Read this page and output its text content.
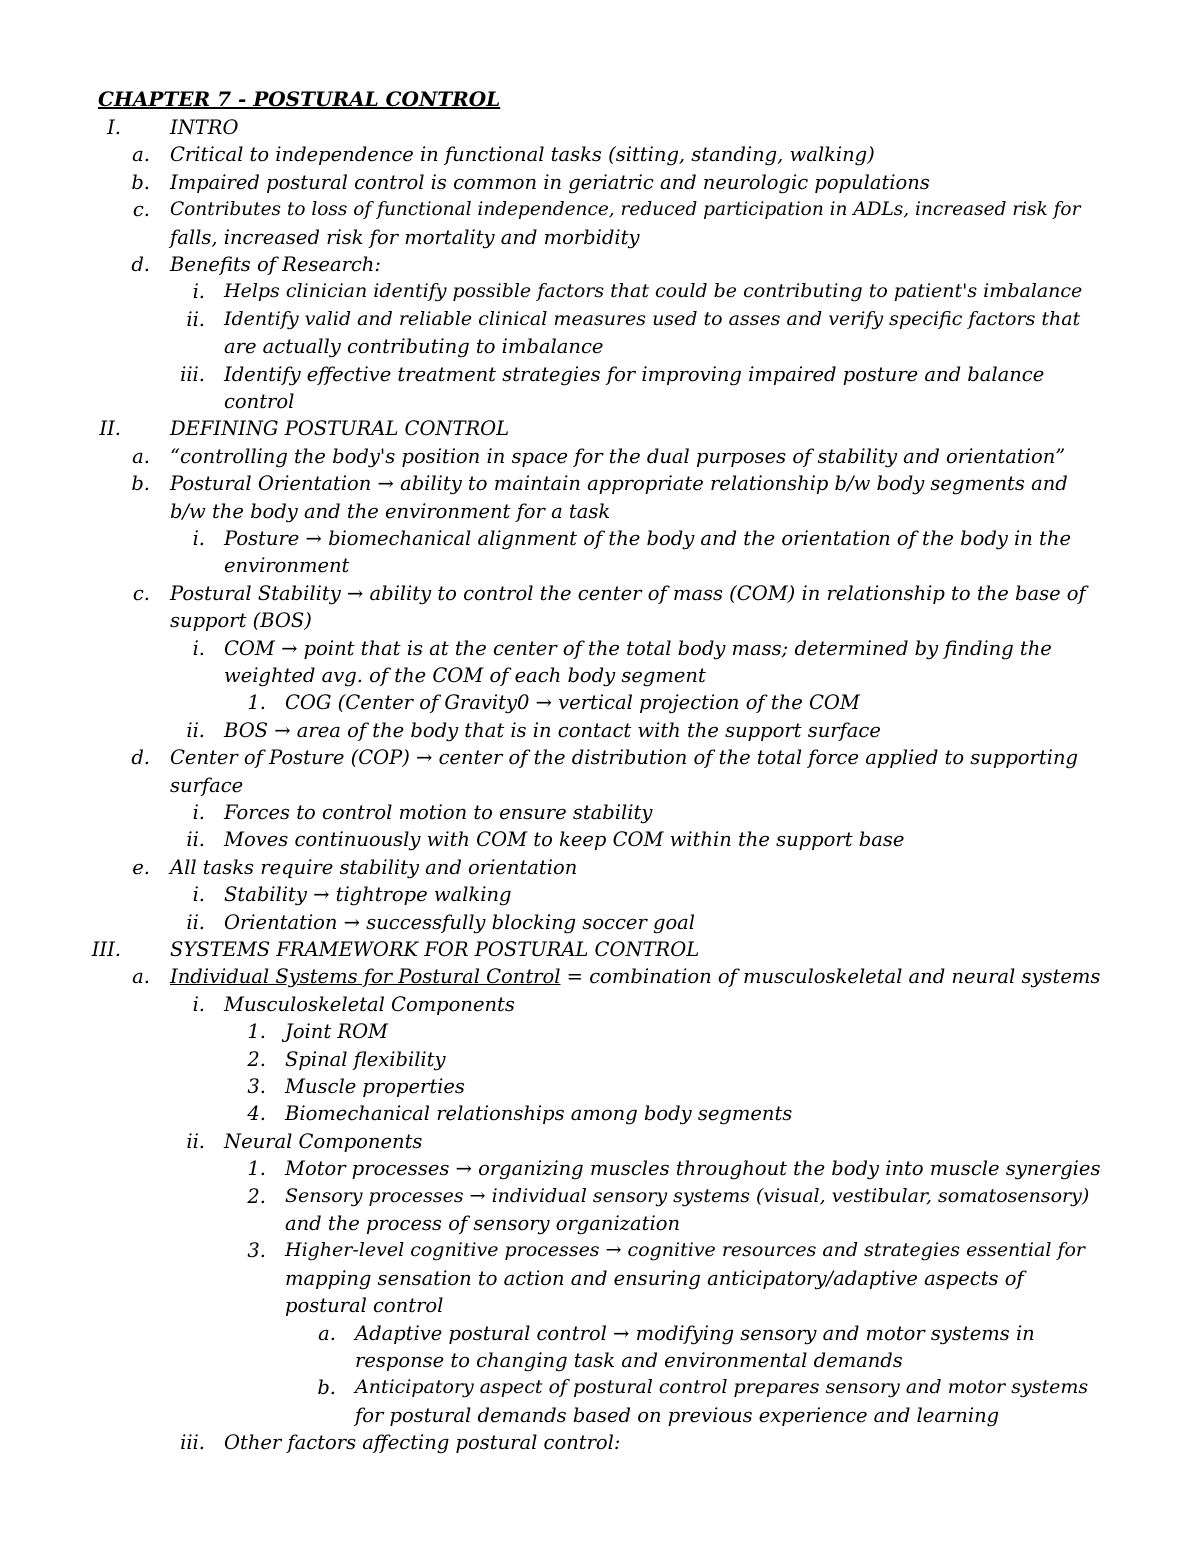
CHAPTER 7 - POSTURAL CONTROL
I.	INTRO
a. Critical to independence in functional tasks (sitting, standing, walking)
b. Impaired postural control is common in geriatric and neurologic populations
c. Contributes to loss of functional independence, reduced participation in ADLs, increased risk for
falls, increased risk for mortality and morbidity
d. Benefits of Research:
i. Helps clinician identify possible factors that could be contributing to patient's imbalance
ii. Identify valid and reliable clinical measures used to asses and verify specific factors that
are actually contributing to imbalance
iii. Identify effective treatment strategies for improving impaired posture and balance
control
II.	DEFINING POSTURAL CONTROL
a. “controlling the body's position in space for the dual purposes of stability and orientation”
b. Postural Orientation → ability to maintain appropriate relationship b/w body segments and
b/w the body and the environment for a task
i. Posture → biomechanical alignment of the body and the orientation of the body in the
environment
c. Postural Stability → ability to control the center of mass (COM) in relationship to the base of
support (BOS)
i. COM → point that is at the center of the total body mass; determined by finding the
weighted avg. of the COM of each body segment
1. COG (Center of Gravity0 → vertical projection of the COM
ii. BOS → area of the body that is in contact with the support surface
d. Center of Posture (COP) → center of the distribution of the total force applied to supporting
surface
i. Forces to control motion to ensure stability
ii. Moves continuously with COM to keep COM within the support base
e. All tasks require stability and orientation
i. Stability → tightrope walking
ii. Orientation → successfully blocking soccer goal
III.	SYSTEMS FRAMEWORK FOR POSTURAL CONTROL
a. Individual Systems for Postural Control = combination of musculoskeletal and neural systems
i. Musculoskeletal Components
1. Joint ROM
2. Spinal flexibility
3. Muscle properties
4. Biomechanical relationships among body segments
ii. Neural Components
1. Motor processes → organizing muscles throughout the body into muscle synergies
2. Sensory processes → individual sensory systems (visual, vestibular, somatosensory)
and the process of sensory organization
3. Higher-level cognitive processes → cognitive resources and strategies essential for
mapping sensation to action and ensuring anticipatory/adaptive aspects of
postural control
a. Adaptive postural control → modifying sensory and motor systems in
response to changing task and environmental demands
b. Anticipatory aspect of postural control prepares sensory and motor systems
for postural demands based on previous experience and learning
iii. Other factors affecting postural control:
